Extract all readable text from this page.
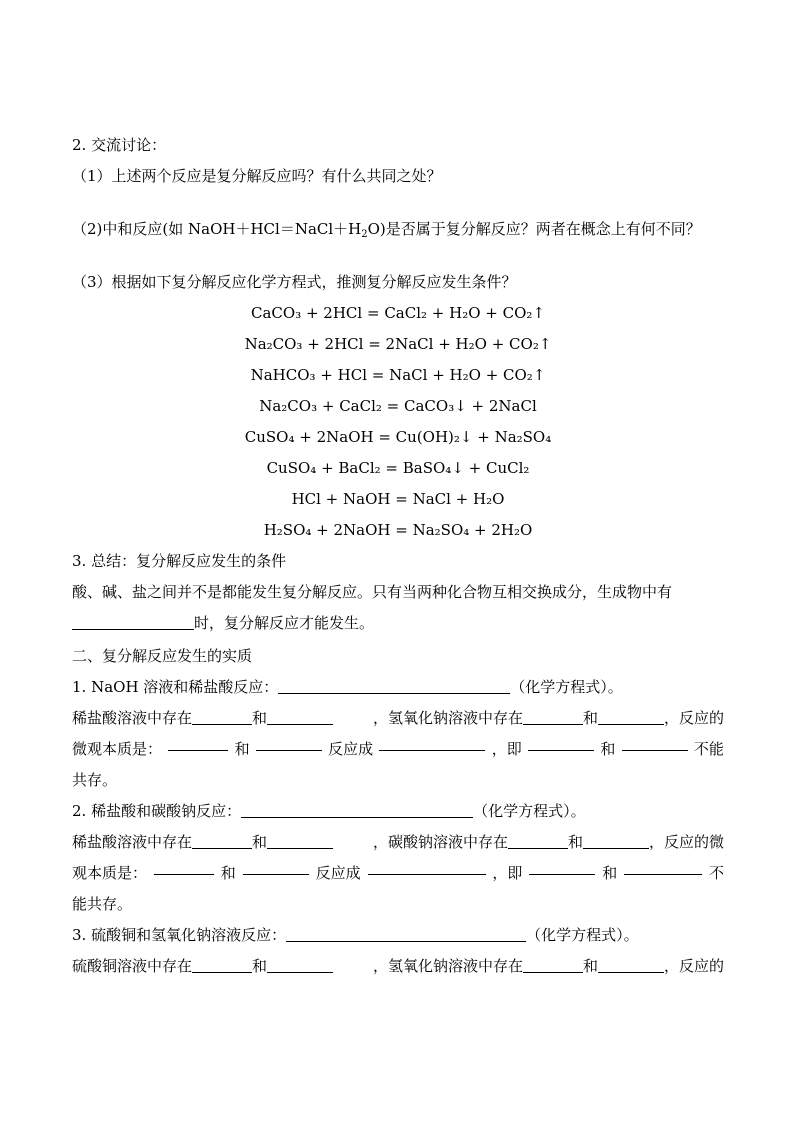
2. 交流讨论：
（1）上述两个反应是复分解反应吗？有什么共同之处？
（2)中和反应(如 $NaOH+HCl=NaCl+H_2O$)是否属于复分解反应？两者在概念上有何不同？
（3）根据如下复分解反应化学方程式，推测复分解反应发生条件？
CaCO₃ + 2HCl = CaCl₂ + H₂O + CO₂↑
Na₂CO₃ + 2HCl = 2NaCl + H₂O + CO₂↑
NaHCO₃ + HCl = NaCl + H₂O + CO₂↑
Na₂CO₃ + CaCl₂ = CaCO₃↓ + 2NaCl
CuSO₄ + 2NaOH = Cu(OH)₂↓ + Na₂SO₄
CuSO₄ + BaCl₂ = BaSO₄↓ + CuCl₂
HCl + NaOH = NaCl + H₂O
H₂SO₄ + 2NaOH = Na₂SO₄ + 2H₂O
3. 总结：复分解反应发生的条件
酸、碱、盐之间并不是都能发生复分解反应。只有当两种化合物互相交换成分，生成物中有
时，复分解反应才能发生。
二、复分解反应发生的实质
1. NaOH 溶液和稀盐酸反应：	（化学方程式）。
稀盐酸溶液中存在	和	，氢氧化钠溶液中存在	和	，反应的
微观本质是：	和	反应成	，即	和	不能
共存。
2. 稀盐酸和碳酸钠反应：	（化学方程式）。
稀盐酸溶液中存在	和	，碳酸钠溶液中存在	和	，反应的微
观本质是：	和	反应成	，即	和	不
能共存。
3. 硫酸铜和氢氧化钠溶液反应：	（化学方程式）。
硫酸铜溶液中存在	和	，氢氧化钠溶液中存在	和	，反应的
